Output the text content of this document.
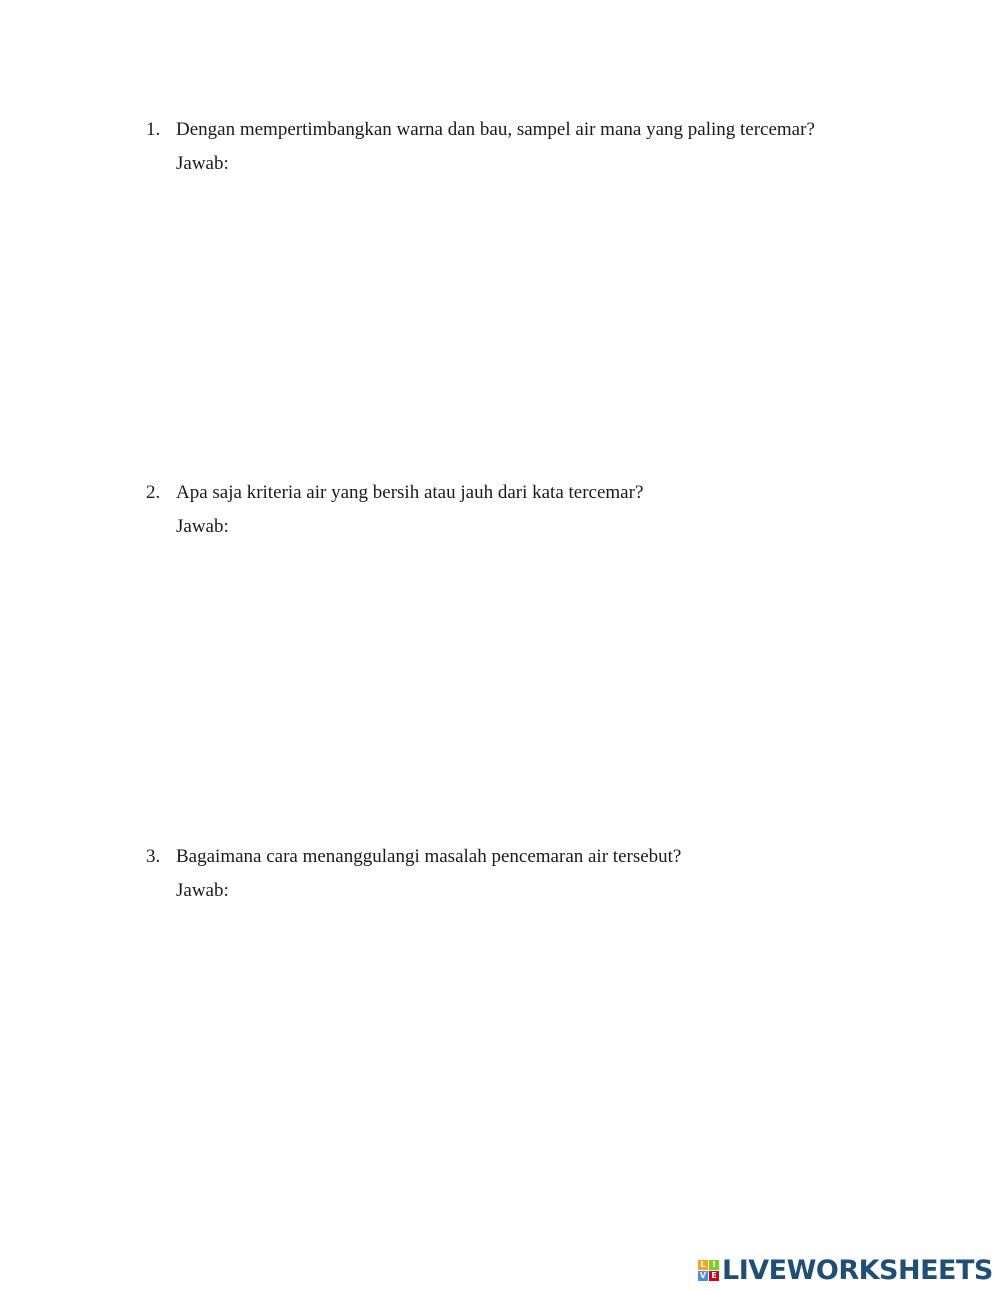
1. Dengan mempertimbangkan warna dan bau, sampel air mana yang paling tercemar?
Jawab:
2. Apa saja kriteria air yang bersih atau jauh dari kata tercemar?
Jawab:
3. Bagaimana cara menanggulangi masalah pencemaran air tersebut?
Jawab:
L I
V E LIVEWORKSHEETS
